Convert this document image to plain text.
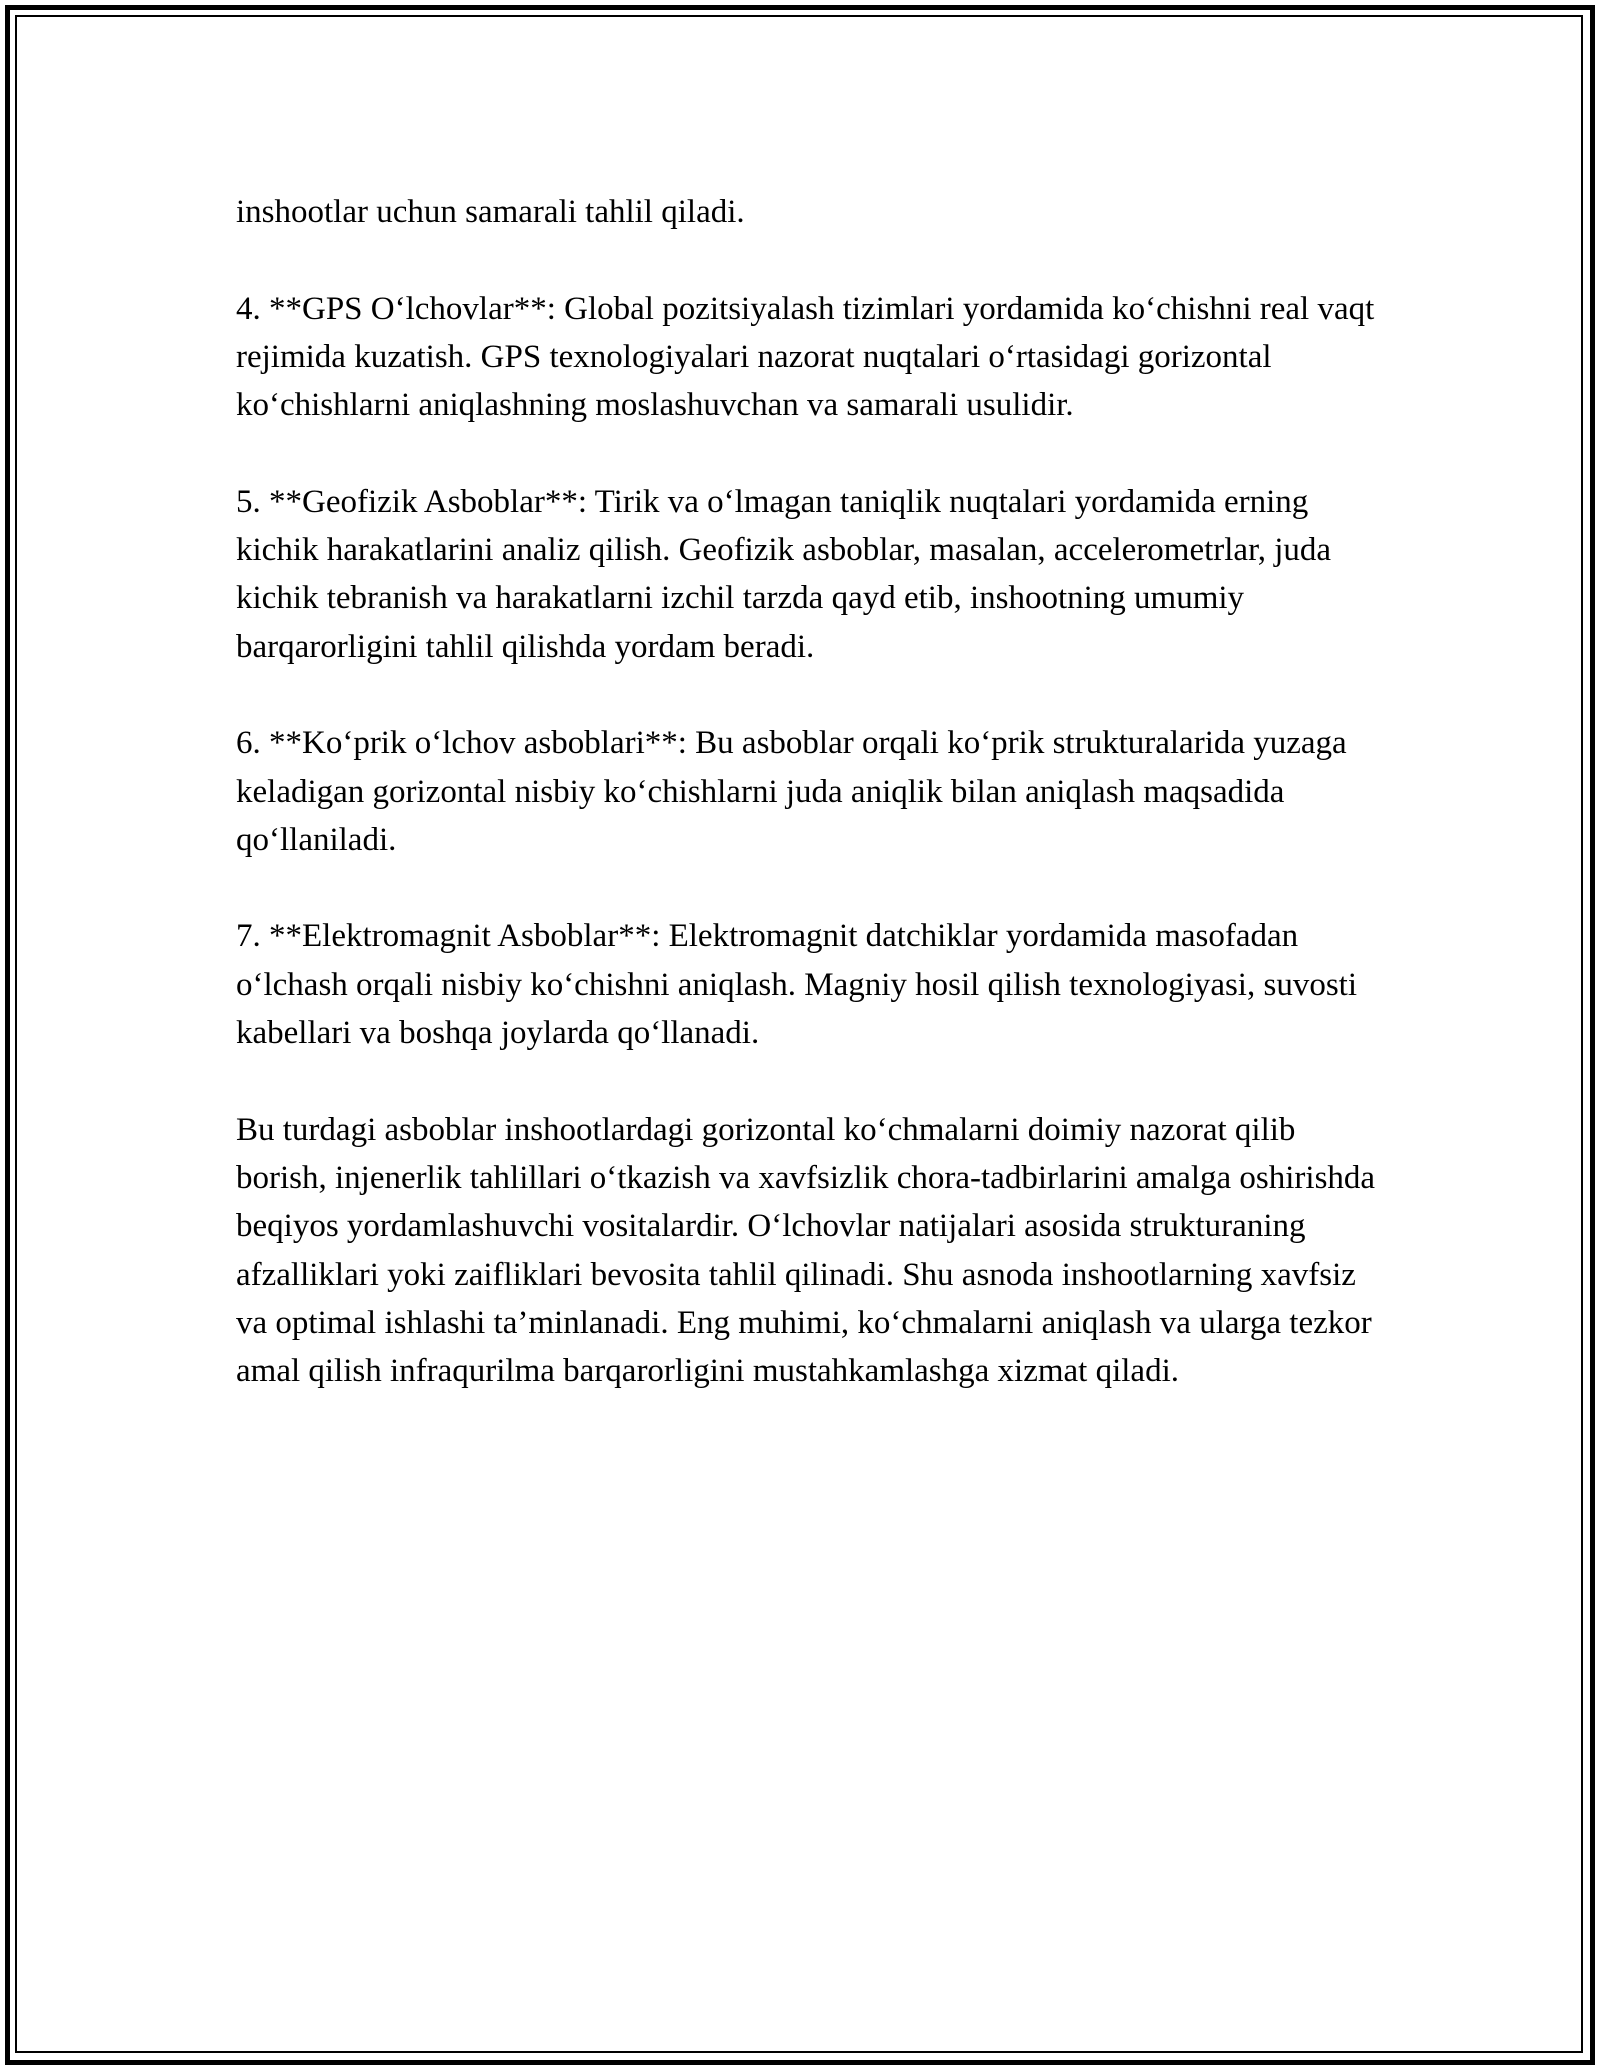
inshootlar uchun samarali tahlil qiladi.

4. **GPS O‘lchovlar**: Global pozitsiyalash tizimlari yordamida ko‘chishni real vaqt rejimida kuzatish. GPS texnologiyalari nazorat nuqtalari o‘rtasidagi gorizontal ko‘chishlarni aniqlashning moslashuvchan va samarali usulidir.

5. **Geofizik Asboblar**: Tirik va o‘lmagan taniqlik nuqtalari yordamida erning kichik harakatlarini analiz qilish. Geofizik asboblar, masalan, accelerometrlar, juda kichik tebranish va harakatlarni izchil tarzda qayd etib, inshootning umumiy barqarorligini tahlil qilishda yordam beradi.

6. **Ko‘prik o‘lchov asboblari**: Bu asboblar orqali ko‘prik strukturalarida yuzaga keladigan gorizontal nisbiy ko‘chishlarni juda aniqlik bilan aniqlash maqsadida qo‘llaniladi.

7. **Elektromagnit Asboblar**: Elektromagnit datchiklar yordamida masofadan o‘lchash orqali nisbiy ko‘chishni aniqlash. Magniy hosil qilish texnologiyasi, suvosti kabellari va boshqa joylarda qo‘llanadi.

Bu turdagi asboblar inshootlardagi gorizontal ko‘chmalarni doimiy nazorat qilib borish, injenerlik tahlillari o‘tkazish va xavfsizlik chora-tadbirlarini amalga oshirishda beqiyos yordamlashuvchi vositalardir. O‘lchovlar natijalari asosida strukturaning afzalliklari yoki zaifliklari bevosita tahlil qilinadi. Shu asnoda inshootlarning xavfsiz va optimal ishlashi ta’minlanadi. Eng muhimi, ko‘chmalarni aniqlash va ularga tezkor amal qilish infraqurilma barqarorligini mustahkamlashga xizmat qiladi.
